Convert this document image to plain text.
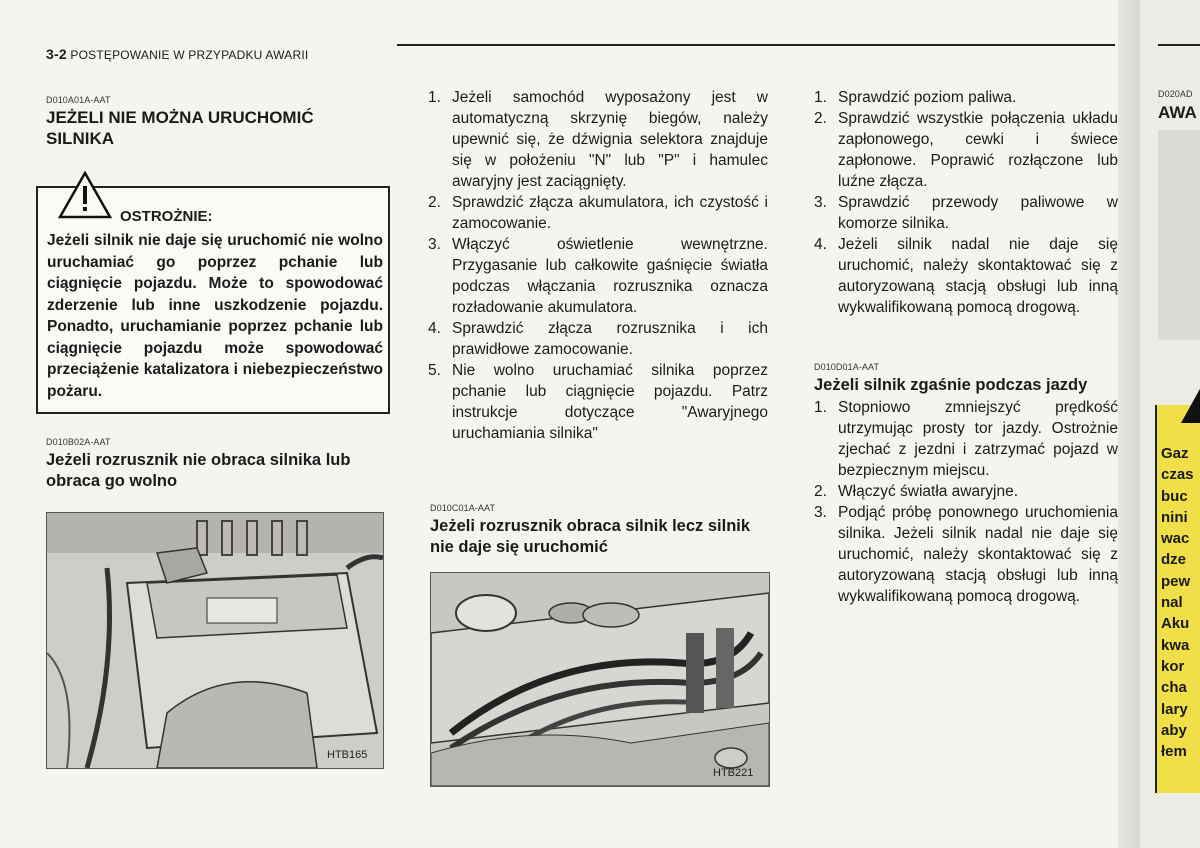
3-2 POSTĘPOWANIE W PRZYPADKU AWARII
D010A01A-AAT
JEŻELI NIE MOŻNA URUCHOMIĆ SILNIKA
OSTROŻNIE:
Jeżeli silnik nie daje się uruchomić nie wolno uruchamiać go poprzez pchanie lub ciągnięcie pojazdu. Może to spowodować zderzenie lub inne uszkodzenie pojazdu. Ponadto, uruchamianie poprzez pchanie lub ciągnięcie pojazdu może spowodować przeciążenie katalizatora i niebezpieczeństwo pożaru.
D010B02A-AAT
Jeżeli rozrusznik nie obraca silnika lub obraca go wolno
HTB165
1. Jeżeli samochód wyposażony jest w automatyczną skrzynię biegów, należy upewnić się, że dźwignia selektora znajduje się w położeniu "N" lub "P" i hamulec awaryjny jest zaciągnięty.
2. Sprawdzić złącza akumulatora, ich czystość i zamocowanie.
3. Włączyć oświetlenie wewnętrzne. Przygasanie lub całkowite gaśnięcie światła podczas włączania rozrusznika oznacza rozładowanie akumulatora.
4. Sprawdzić złącza rozrusznika i ich prawidłowe zamocowanie.
5. Nie wolno uruchamiać silnika poprzez pchanie lub ciągnięcie pojazdu. Patrz instrukcje dotyczące "Awaryjnego uruchamiania silnika"
D010C01A-AAT
Jeżeli rozrusznik obraca silnik lecz silnik nie daje się uruchomić
HTB221
1. Sprawdzić poziom paliwa.
2. Sprawdzić wszystkie połączenia układu zapłonowego, cewki i świece zapłonowe. Poprawić rozłączone lub luźne złącza.
3. Sprawdzić przewody paliwowe w komorze silnika.
4. Jeżeli silnik nadal nie daje się uruchomić, należy skontaktować się z autoryzowaną stacją obsługi lub inną wykwalifikowaną pomocą drogową.
D010D01A-AAT
Jeżeli silnik zgaśnie podczas jazdy
1. Stopniowo zmniejszyć prędkość utrzymując prosty tor jazdy. Ostrożnie zjechać z jezdni i zatrzymać pojazd w bezpiecznym miejscu.
2. Włączyć światła awaryjne.
3. Podjąć próbę ponownego uruchomienia silnika. Jeżeli silnik nadal nie daje się uruchomić, należy skontaktować się z autoryzowaną stacją obsługi lub inną wykwalifikowaną pomocą drogową.
D020AD
AWA
Gaz
czas
buc
nini
wac
dze
pew
nal
Aku
kwa
kor
cha
lary
aby
łem
